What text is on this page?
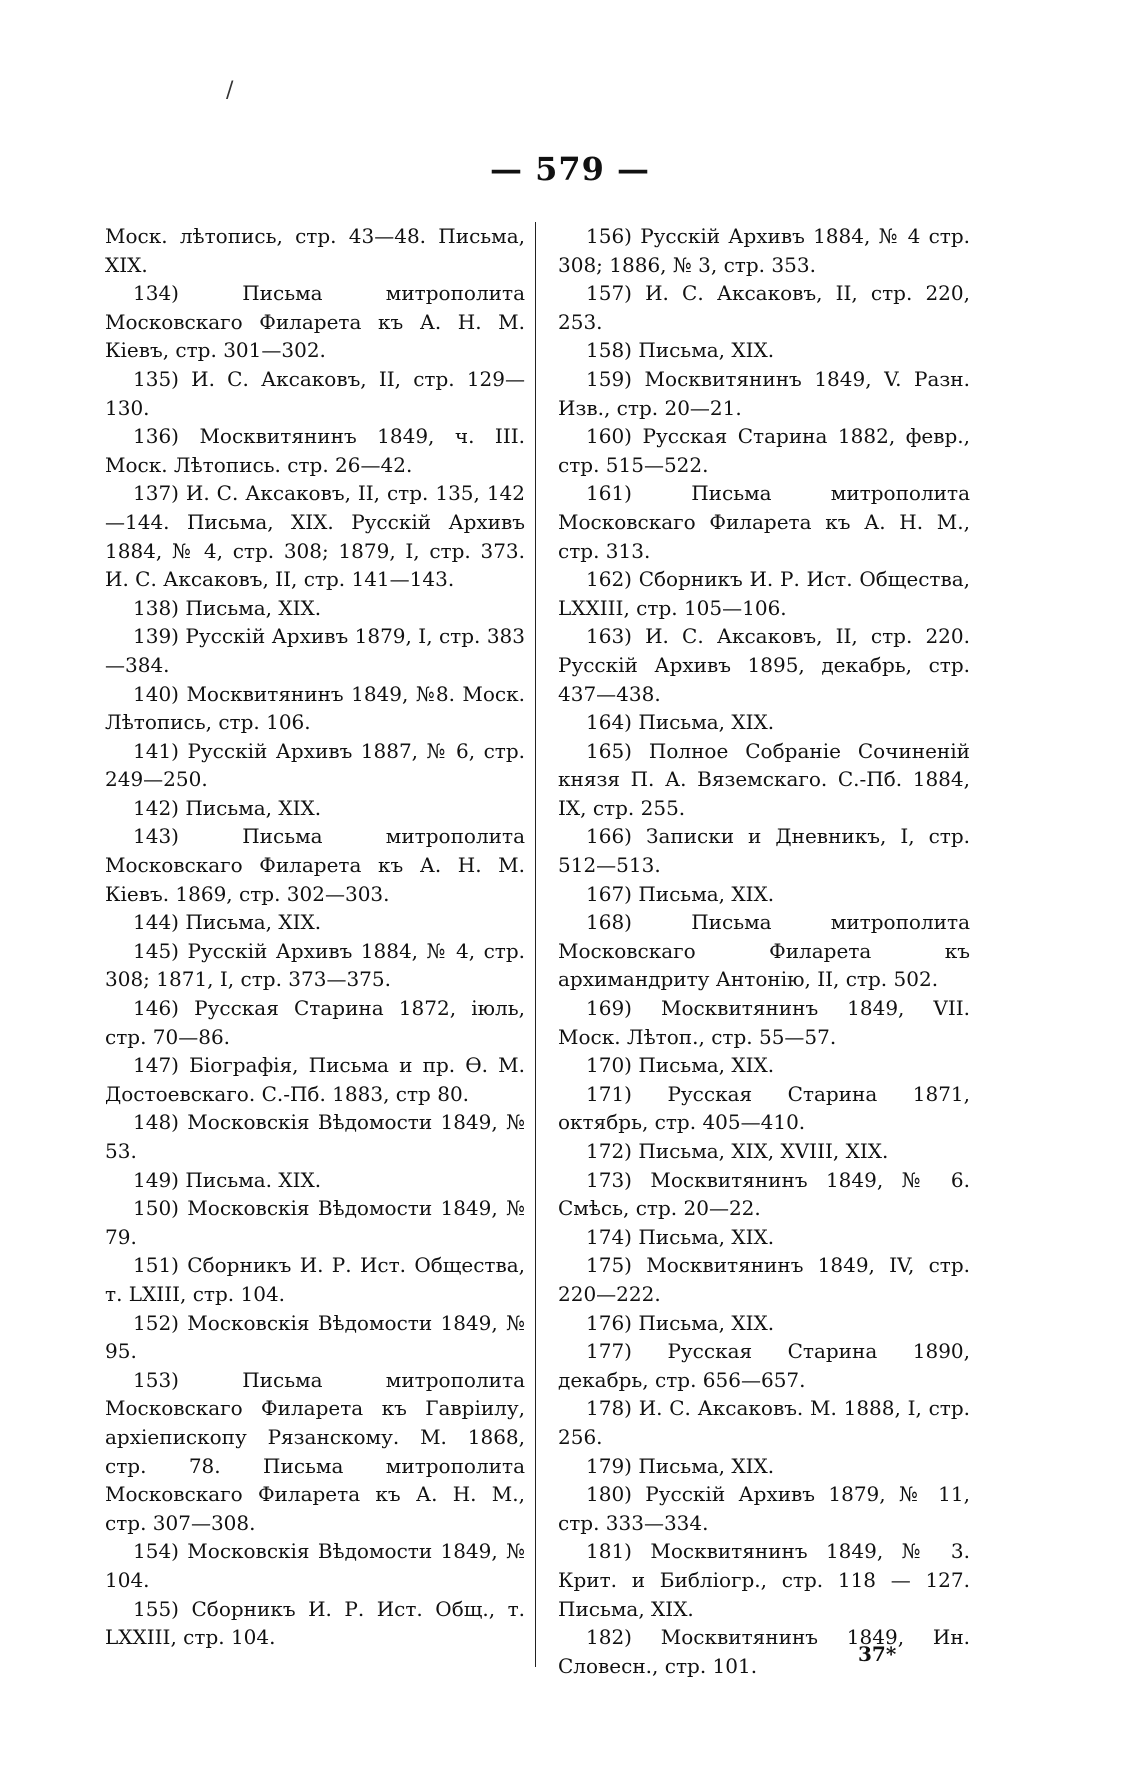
/
— 579 —

Моск. лѣтопись, стр. 43—48. Письма, XIX.

134) Письма митрополита Московскаго Филарета къ А. Н. М. Кіевъ, стр. 301—302.

135) И. С. Аксаковъ, II, стр. 129—130.

136) Москвитянинъ 1849, ч. III. Моск. Лѣтопись. стр. 26—42.

137) И. С. Аксаковъ, II, стр. 135, 142—144. Письма, XIX. Русскій Архивъ 1884, № 4, стр. 308; 1879, I, стр. 373. И. С. Аксаковъ, II, стр. 141—143.

138) Письма, XIX.

139) Русскій Архивъ 1879, I, стр. 383—384.

140) Москвитянинъ 1849, №8. Моск. Лѣтопись, стр. 106.

141) Русскій Архивъ 1887, № 6, стр. 249—250.

142) Письма, XIX.

143) Письма митрополита Московскаго Филарета къ А. Н. М. Кіевъ. 1869, стр. 302—303.

144) Письма, XIX.

145) Русскій Архивъ 1884, № 4, стр. 308; 1871, I, стр. 373—375.

146) Русская Старина 1872, іюль, стр. 70—86.

147) Біографія, Письма и пр. Ѳ. М. Достоевскаго. С.-Пб. 1883, стр 80.

148) Московскія Вѣдомости 1849, № 53.

149) Письма. XIX.

150) Московскія Вѣдомости 1849, № 79.

151) Сборникъ И. Р. Ист. Общества, т. LXIII, стр. 104.

152) Московскія Вѣдомости 1849, № 95.

153) Письма митрополита Московскаго Филарета къ Гавріилу, архіепископу Рязанскому. М. 1868, стр. 78. Письма митрополита Московскаго Филарета къ А. Н. М., стр. 307—308.

154) Московскія Вѣдомости 1849, № 104.

155) Сборникъ И. Р. Ист. Общ., т. LXXIII, стр. 104.

156) Русскій Архивъ 1884, № 4 стр. 308; 1886, № 3, стр. 353.

157) И. С. Аксаковъ, II, стр. 220, 253.

158) Письма, XIX.

159) Москвитянинъ 1849, V. Разн. Изв., стр. 20—21.

160) Русская Старина 1882, февр., стр. 515—522.

161) Письма митрополита Московскаго Филарета къ А. Н. М., стр. 313.

162) Сборникъ И. Р. Ист. Общества, LXXIII, стр. 105—106.

163) И. С. Аксаковъ, II, стр. 220. Русскій Архивъ 1895, декабрь, стр. 437—438.

164) Письма, XIX.

165) Полное Собраніе Сочиненій князя П. А. Вяземскаго. С.-Пб. 1884, IX, стр. 255.

166) Записки и Дневникъ, I, стр. 512—513.

167) Письма, XIX.

168) Письма митрополита Московскаго Филарета къ архимандриту Антонію, II, стр. 502.

169) Москвитянинъ 1849, VII. Моск. Лѣтоп., стр. 55—57.

170) Письма, XIX.

171) Русская Старина 1871, октябрь, стр. 405—410.

172) Письма, XIX, XVIII, XIX.

173) Москвитянинъ 1849, № 6. Смѣсь, стр. 20—22.

174) Письма, XIX.

175) Москвитянинъ 1849, IV, стр. 220—222.

176) Письма, XIX.

177) Русская Старина 1890, декабрь, стр. 656—657.

178) И. С. Аксаковъ. М. 1888, I, стр. 256.

179) Письма, XIX.

180) Русскій Архивъ 1879, № 11, стр. 333—334.

181) Москвитянинъ 1849, № 3. Крит. и Библіогр., стр. 118 — 127. Письма, XIX.

182) Москвитянинъ 1849, Ин. Словесн., стр. 101.	37*
